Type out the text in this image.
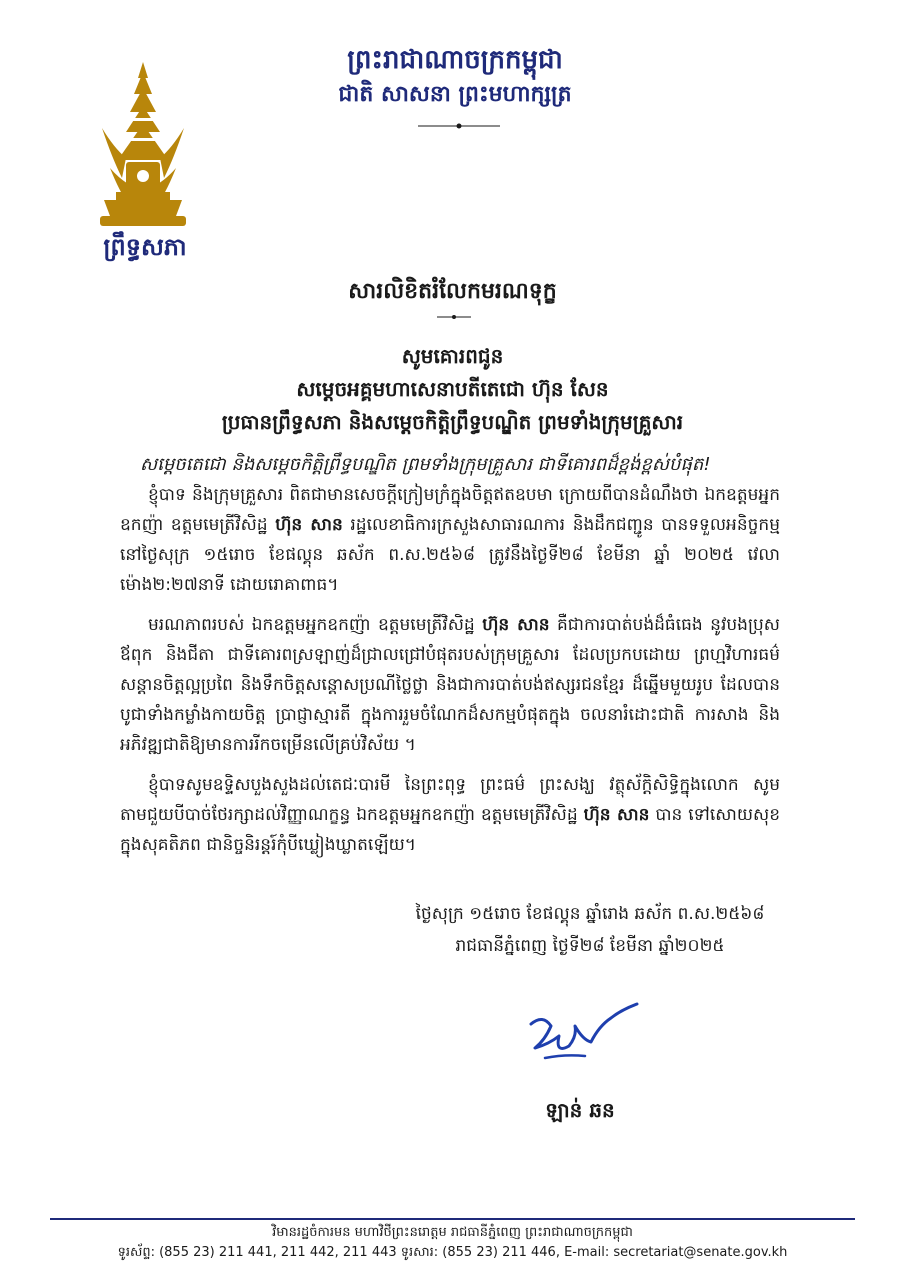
ព្រឹទ្ធសភា
ព្រះរាជាណាចក្រកម្ពុជា
ជាតិ សាសនា ព្រះមហាក្សត្រ
សារលិខិតរំលែកមរណទុក្ខ
សូមគោរពជូន
សម្តេចអគ្គមហាសេនាបតីតេជោ ហ៊ុន សែន
ប្រធានព្រឹទ្ធសភា និងសម្តេចកិត្តិព្រឹទ្ធបណ្ឌិត ព្រមទាំងក្រុមគ្រួសារ
សម្តេចតេជោ និងសម្តេចកិត្តិព្រឹទ្ធបណ្ឌិត ព្រមទាំងក្រុមគ្រួសារ ជាទីគោរពដ៏ខ្ពង់ខ្ពស់បំផុត!

ខ្ញុំបាទ និងក្រុមគ្រួសារ ពិតជាមានសេចក្តីក្រៀមក្រំក្នុងចិត្តឥតឧបមា ក្រោយពីបានដំណឹងថា ឯកឧត្តមអ្នកឧកញ៉ា ឧត្តមមេត្រីវិសិដ្ឋ ហ៊ុន សាន រដ្ឋលេខាធិការក្រសួងសាធារណការ និងដឹកជញ្ជូន បានទទួលអនិច្ចកម្ម នៅថ្ងៃសុក្រ ១៥រោច ខែផល្គុន ឆស័ក ព.ស.២៥៦៨ ត្រូវនឹងថ្ងៃទី២៨ ខែមីនា ឆ្នាំ ២០២៥ វេលាម៉ោង២:២៧នាទី ដោយរោគាពាធ។

មរណភាពរបស់ ឯកឧត្តមអ្នកឧកញ៉ា ឧត្តមមេត្រីវិសិដ្ឋ ហ៊ុន សាន គឺជាការបាត់បង់ដ៏ធំធេង នូវបងប្រុស ឪពុក និងជីតា ជាទីគោរពស្រឡាញ់ដ៏ជ្រាលជ្រៅបំផុតរបស់ក្រុមគ្រួសារ ដែលប្រកបដោយ ព្រហ្មវិហារធម៌ សន្តានចិត្តល្អប្រពៃ និងទឹកចិត្តសន្តោសប្រណីថ្លៃថ្លា និងជាការបាត់បង់ឥស្សរជនខ្មែរ ដ៏ឆ្នើមមួយរូប ដែលបានបូជាទាំងកម្លាំងកាយចិត្ត ប្រាជ្ញាស្មារតី ក្នុងការរួមចំណែកដ៏សកម្មបំផុតក្នុង ចលនារំដោះជាតិ ការសាង និងអភិវឌ្ឍជាតិឱ្យមានការរីកចម្រើនលើគ្រប់វិស័យ ។

ខ្ញុំបាទសូមឧទ្ទិសបួងសួងដល់តេជៈបារមី នៃព្រះពុទ្ធ ព្រះធម៌ ព្រះសង្ឃ វត្ថុស័ក្តិសិទ្ធិក្នុងលោក សូមតាមជួយបីបាច់ថែរក្សាដល់វិញ្ញាណក្ខន្ធ ឯកឧត្តមអ្នកឧកញ៉ា ឧត្តមមេត្រីវិសិដ្ឋ ហ៊ុន សាន បាន ទៅសោយសុខក្នុងសុគតិភព ជានិច្ចនិរន្តរ៍កុំបីឃ្លៀងឃ្លាតឡើយ។

ថ្ងៃសុក្រ ១៥រោច ខែផល្គុន ឆ្នាំរោង ឆស័ក ព.ស.២៥៦៨
រាជធានីភ្នំពេញ ថ្ងៃទី២៨ ខែមីនា ឆ្នាំ២០២៥
ឡាន់ ឆន
វិមានរដ្ឋចំការមន មហាវិថីព្រះនរោត្តម រាជធានីភ្នំពេញ ព្រះរាជាណាចក្រកម្ពុជា
ទូរស័ព្ទ: (855 23) 211 441, 211 442, 211 443 ទូរសារ: (855 23) 211 446, E-mail: secretariat@senate.gov.kh
